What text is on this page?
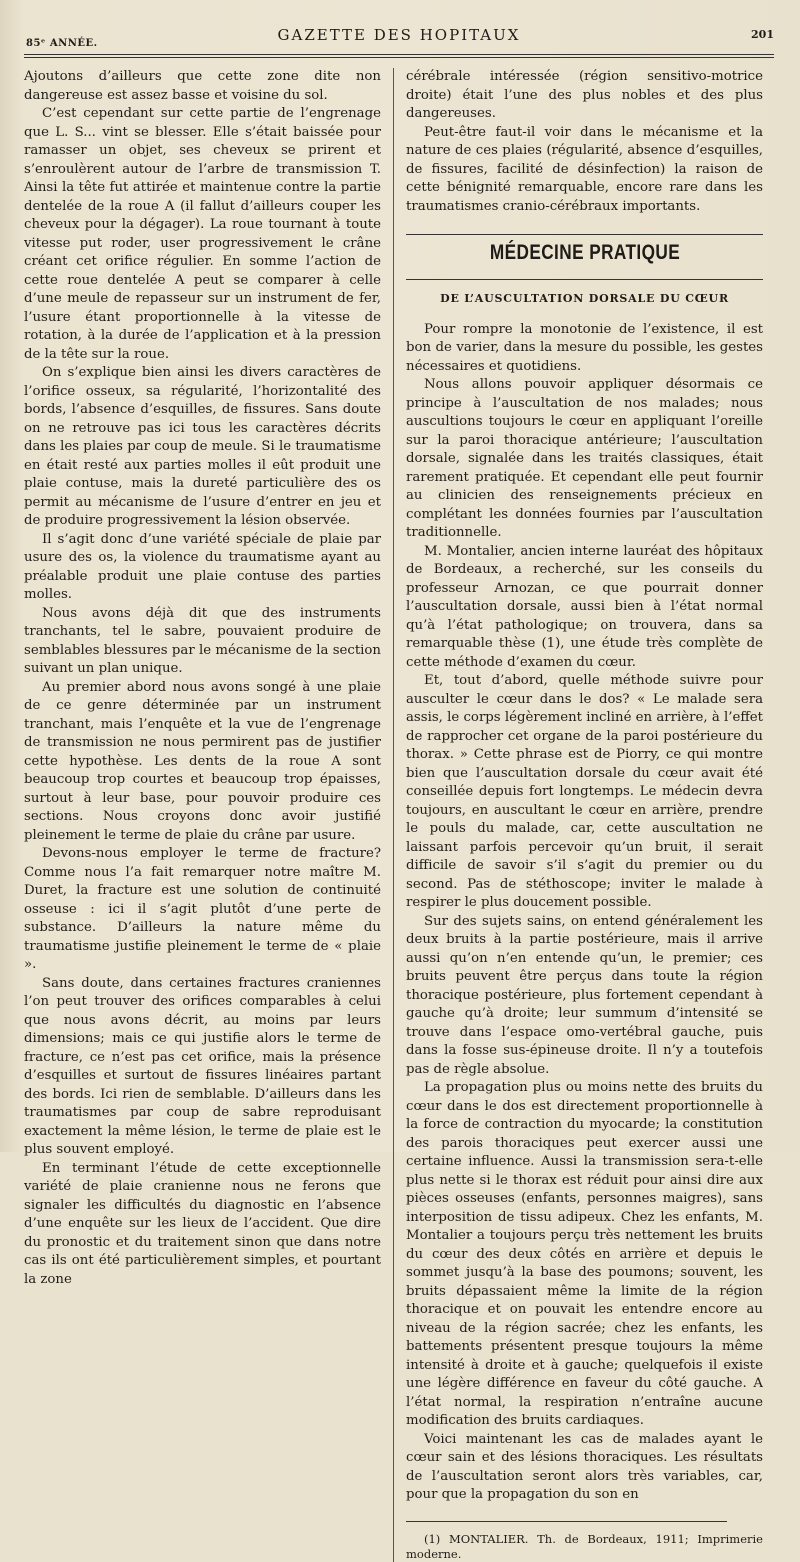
85ᵉ ANNÉE.	GAZETTE DES HOPITAUX	201

Ajoutons d’ailleurs que cette zone dite non dangereuse est assez basse et voisine du sol.

C’est cependant sur cette partie de l’engrenage que L. S... vint se blesser. Elle s’était baissée pour ramasser un objet, ses cheveux se prirent et s’enroulèrent autour de l’arbre de transmission T. Ainsi la tête fut attirée et maintenue contre la partie dentelée de la roue A (il fallut d’ailleurs couper les cheveux pour la dégager). La roue tournant à toute vitesse put roder, user progressivement le crâne créant cet orifice régulier. En somme l’action de cette roue dentelée A peut se comparer à celle d’une meule de repasseur sur un instrument de fer, l’usure étant proportionnelle à la vitesse de rotation, à la durée de l’application et à la pression de la tête sur la roue.

On s’explique bien ainsi les divers caractères de l’orifice osseux, sa régularité, l’horizontalité des bords, l’absence d’esquilles, de fissures. Sans doute on ne retrouve pas ici tous les caractères décrits dans les plaies par coup de meule. Si le traumatisme en était resté aux parties molles il eût produit une plaie contuse, mais la dureté particulière des os permit au mécanisme de l’usure d’entrer en jeu et de produire progressivement la lésion observée.

Il s’agit donc d’une variété spéciale de plaie par usure des os, la violence du traumatisme ayant au préalable produit une plaie contuse des parties molles.

Nous avons déjà dit que des instruments tranchants, tel le sabre, pouvaient produire de semblables blessures par le mécanisme de la section suivant un plan unique.

Au premier abord nous avons songé à une plaie de ce genre déterminée par un instrument tranchant, mais l’enquête et la vue de l’engrenage de transmission ne nous permirent pas de justifier cette hypothèse. Les dents de la roue A sont beaucoup trop courtes et beaucoup trop épaisses, surtout à leur base, pour pouvoir produire ces sections. Nous croyons donc avoir justifié pleinement le terme de plaie du crâne par usure.

Devons-nous employer le terme de fracture? Comme nous l’a fait remarquer notre maître M. Duret, la fracture est une solution de continuité osseuse : ici il s’agit plutôt d’une perte de substance. D’ailleurs la nature même du traumatisme justifie pleinement le terme de « plaie ».

Sans doute, dans certaines fractures craniennes l’on peut trouver des orifices comparables à celui que nous avons décrit, au moins par leurs dimensions; mais ce qui justifie alors le terme de fracture, ce n’est pas cet orifice, mais la présence d’esquilles et surtout de fissures linéaires partant des bords. Ici rien de semblable. D’ailleurs dans les traumatismes par coup de sabre reproduisant exactement la même lésion, le terme de plaie est le plus souvent employé.

En terminant l’étude de cette exceptionnelle variété de plaie cranienne nous ne ferons que signaler les difficultés du diagnostic en l’absence d’une enquête sur les lieux de l’accident. Que dire du pronostic et du traitement sinon que dans notre cas ils ont été particulièrement simples, et pourtant la zone

cérébrale intéressée (région sensitivo-motrice droite) était l’une des plus nobles et des plus dangereuses.

Peut-être faut-il voir dans le mécanisme et la nature de ces plaies (régularité, absence d’esquilles, de fissures, facilité de désinfection) la raison de cette bénignité remarquable, encore rare dans les traumatismes cranio-cérébraux importants.

MÉDECINE PRATIQUE
DE L’AUSCULTATION DORSALE DU CŒUR

Pour rompre la monotonie de l’existence, il est bon de varier, dans la mesure du possible, les gestes nécessaires et quotidiens.

Nous allons pouvoir appliquer désormais ce principe à l’auscultation de nos malades; nous auscultions toujours le cœur en appliquant l’oreille sur la paroi thoracique antérieure; l’auscultation dorsale, signalée dans les traités classiques, était rarement pratiquée. Et cependant elle peut fournir au clinicien des renseignements précieux en complétant les données fournies par l’auscultation traditionnelle.

M. Montalier, ancien interne lauréat des hôpitaux de Bordeaux, a recherché, sur les conseils du professeur Arnozan, ce que pourrait donner l’auscultation dorsale, aussi bien à l’état normal qu’à l’état pathologique; on trouvera, dans sa remarquable thèse (1), une étude très complète de cette méthode d’examen du cœur.

Et, tout d’abord, quelle méthode suivre pour ausculter le cœur dans le dos? « Le malade sera assis, le corps légèrement incliné en arrière, à l’effet de rapprocher cet organe de la paroi postérieure du thorax. » Cette phrase est de Piorry, ce qui montre bien que l’auscultation dorsale du cœur avait été conseillée depuis fort longtemps. Le médecin devra toujours, en auscultant le cœur en arrière, prendre le pouls du malade, car, cette auscultation ne laissant parfois percevoir qu’un bruit, il serait difficile de savoir s’il s’agit du premier ou du second. Pas de stéthoscope; inviter le malade à respirer le plus doucement possible.

Sur des sujets sains, on entend généralement les deux bruits à la partie postérieure, mais il arrive aussi qu’on n’en entende qu’un, le premier; ces bruits peuvent être perçus dans toute la région thoracique postérieure, plus fortement cependant à gauche qu’à droite; leur summum d’intensité se trouve dans l’espace omo-vertébral gauche, puis dans la fosse sus-épineuse droite. Il n’y a toutefois pas de règle absolue.

La propagation plus ou moins nette des bruits du cœur dans le dos est directement proportionnelle à la force de contraction du myocarde; la constitution des parois thoraciques peut exercer aussi une certaine influence. Aussi la transmission sera-t-elle plus nette si le thorax est réduit pour ainsi dire aux pièces osseuses (enfants, personnes maigres), sans interposition de tissu adipeux. Chez les enfants, M. Montalier a toujours perçu très nettement les bruits du cœur des deux côtés en arrière et depuis le sommet jusqu’à la base des poumons; souvent, les bruits dépassaient même la limite de la région thoracique et on pouvait les entendre encore au niveau de la région sacrée; chez les enfants, les battements présentent presque toujours la même intensité à droite et à gauche; quelquefois il existe une légère différence en faveur du côté gauche. A l’état normal, la respiration n’entraîne aucune modification des bruits cardiaques.

Voici maintenant les cas de malades ayant le cœur sain et des lésions thoraciques. Les résultats de l’auscultation seront alors très variables, car, pour que la propagation du son en

(1) MONTALIER. Th. de Bordeaux, 1911; Imprimerie moderne.
